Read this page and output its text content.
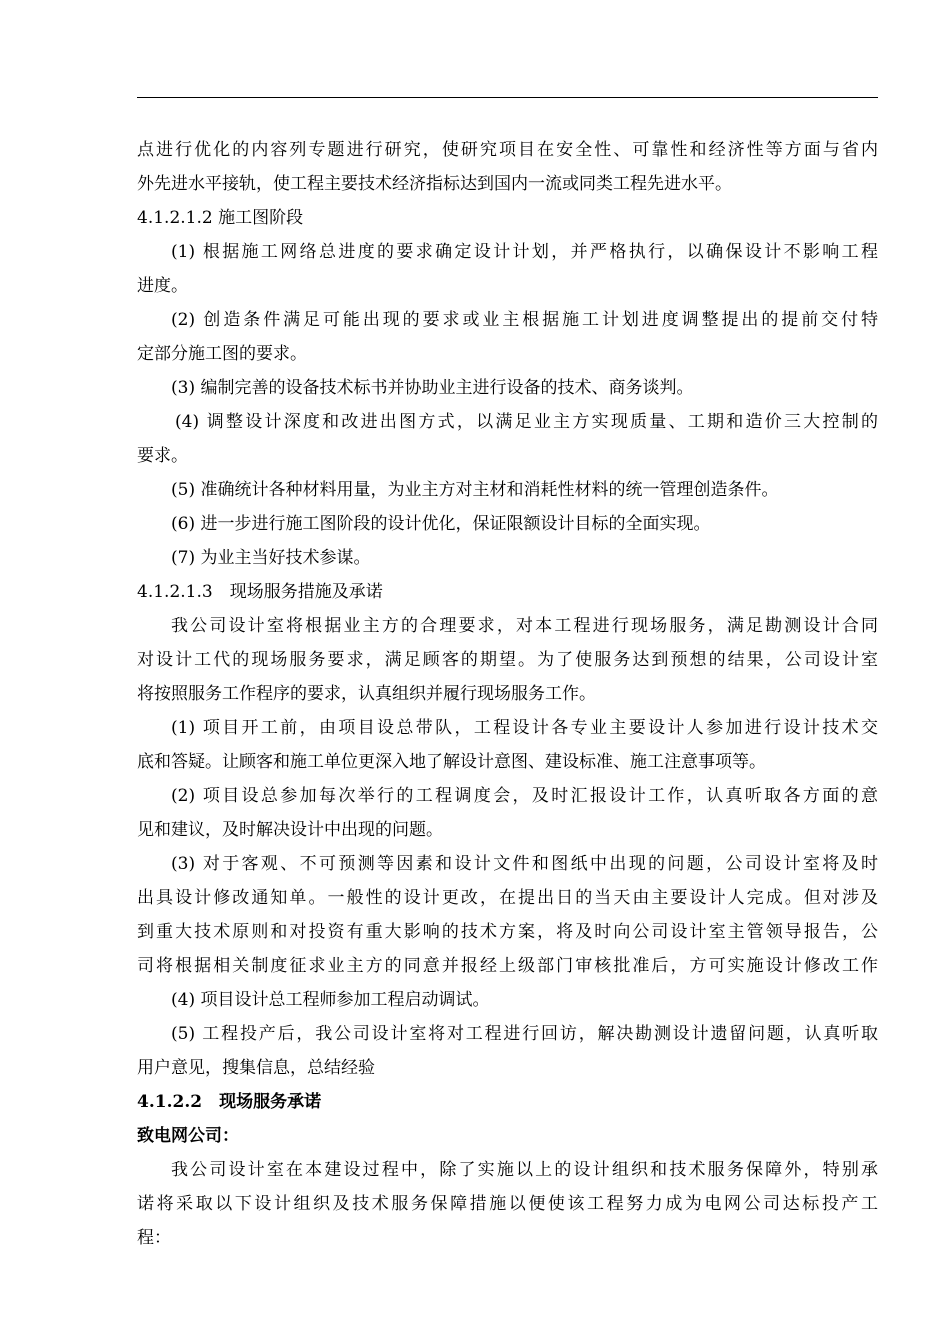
点进行优化的内容列专题进行研究，使研究项目在安全性、可靠性和经济性等方面与省内
外先进水平接轨，使工程主要技术经济指标达到国内一流或同类工程先进水平。
4.1.2.1.2 施工图阶段
(1) 根据施工网络总进度的要求确定设计计划，并严格执行，以确保设计不影响工程
进度。
(2) 创造条件满足可能出现的要求或业主根据施工计划进度调整提出的提前交付特
定部分施工图的要求。
(3) 编制完善的设备技术标书并协助业主进行设备的技术、商务谈判。
(4) 调整设计深度和改进出图方式，以满足业主方实现质量、工期和造价三大控制的
要求。
(5) 准确统计各种材料用量，为业主方对主材和消耗性材料的统一管理创造条件。
(6) 进一步进行施工图阶段的设计优化，保证限额设计目标的全面实现。
(7) 为业主当好技术参谋。
4.1.2.1.3　现场服务措施及承诺
我公司设计室将根据业主方的合理要求，对本工程进行现场服务，满足勘测设计合同
对设计工代的现场服务要求，满足顾客的期望。为了使服务达到预想的结果，公司设计室
将按照服务工作程序的要求，认真组织并履行现场服务工作。
(1) 项目开工前，由项目设总带队，工程设计各专业主要设计人参加进行设计技术交
底和答疑。让顾客和施工单位更深入地了解设计意图、建设标准、施工注意事项等。
(2) 项目设总参加每次举行的工程调度会，及时汇报设计工作，认真听取各方面的意
见和建议，及时解决设计中出现的问题。
(3) 对于客观、不可预测等因素和设计文件和图纸中出现的问题，公司设计室将及时
出具设计修改通知单。一般性的设计更改，在提出日的当天由主要设计人完成。但对涉及
到重大技术原则和对投资有重大影响的技术方案，将及时向公司设计室主管领导报告，公
司将根据相关制度征求业主方的同意并报经上级部门审核批准后，方可实施设计修改工作
(4) 项目设计总工程师参加工程启动调试。
(5) 工程投产后，我公司设计室将对工程进行回访，解决勘测设计遗留问题，认真听取
用户意见，搜集信息，总结经验
4.1.2.2　现场服务承诺
致电网公司：
我公司设计室在本建设过程中，除了实施以上的设计组织和技术服务保障外，特别承
诺将采取以下设计组织及技术服务保障措施以便使该工程努力成为电网公司达标投产工
程：
